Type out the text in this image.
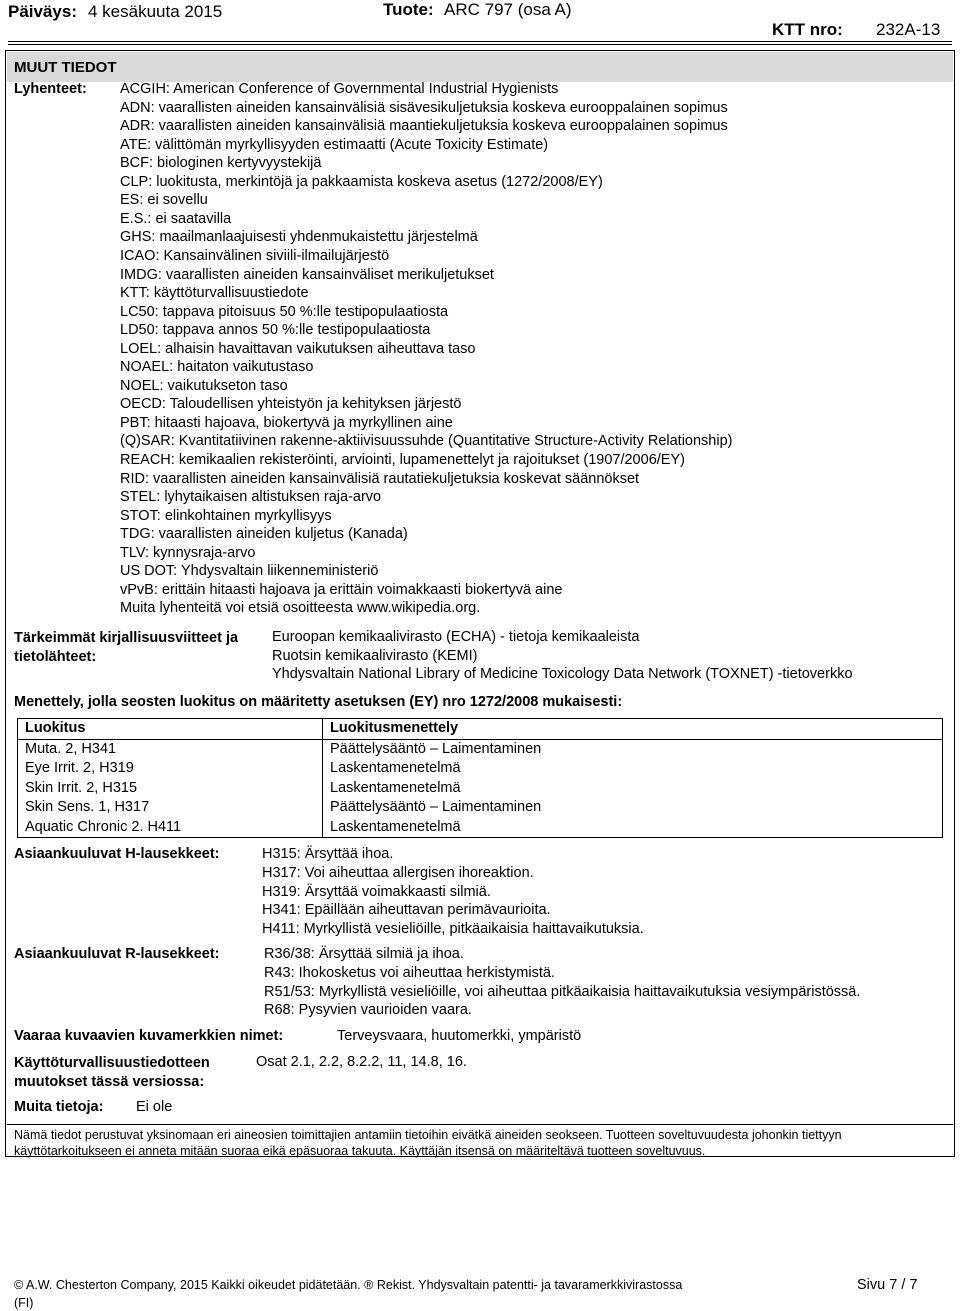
Päiväys: 4 kesäkuuta 2015	Tuote: ARC 797 (osa A)
KTT nro: 232A-13
MUUT TIEDOT
Lyhenteet: ACGIH: American Conference of Governmental Industrial Hygienists
ADN: vaarallisten aineiden kansainvälisiä sisävesikuljetuksia koskeva eurooppalainen sopimus
ADR: vaarallisten aineiden kansainvälisiä maantiekuljetuksia koskeva eurooppalainen sopimus
ATE: välittömän myrkyllisyyden estimaatti (Acute Toxicity Estimate)
BCF: biologinen kertyvyystekijä
CLP: luokitusta, merkintöjä ja pakkaamista koskeva asetus (1272/2008/EY)
ES: ei sovellu
E.S.: ei saatavilla
GHS: maailmanlaajuisesti yhdenmukaistettu järjestelmä
ICAO: Kansainvälinen siviili-ilmailujärjestö
IMDG: vaarallisten aineiden kansainväliset merikuljetukset
KTT: käyttöturvallisuustiedote
LC50: tappava pitoisuus 50 %:lle testipopulaatiosta
LD50: tappava annos 50 %:lle testipopulaatiosta
LOEL: alhaisin havaittavan vaikutuksen aiheuttava taso
NOAEL: haitaton vaikutustaso
NOEL: vaikutukseton taso
OECD: Taloudellisen yhteistyön ja kehityksen järjestö
PBT: hitaasti hajoava, biokertyvä ja myrkyllinen aine
(Q)SAR: Kvantitatiivinen rakenne-aktiivisuussuhde (Quantitative Structure-Activity Relationship)
REACH: kemikaalien rekisteröinti, arviointi, lupamenettelyt ja rajoitukset (1907/2006/EY)
RID: vaarallisten aineiden kansainvälisiä rautatiekuljetuksia koskevat säännökset
STEL: lyhytaikaisen altistuksen raja-arvo
STOT: elinkohtainen myrkyllisyys
TDG: vaarallisten aineiden kuljetus (Kanada)
TLV: kynnysraja-arvo
US DOT: Yhdysvaltain liikenneministeriö
vPvB: erittäin hitaasti hajoava ja erittäin voimakkaasti biokertyvä aine
Muita lyhenteitä voi etsiä osoitteesta www.wikipedia.org.
Tärkeimmät kirjallisuusviitteet ja tietolähteet:
Euroopan kemikaalivirasto (ECHA) - tietoja kemikaaleista
Ruotsin kemikaalivirasto (KEMI)
Yhdysvaltain National Library of Medicine Toxicology Data Network (TOXNET) -tietoverkko
Menettely, jolla seosten luokitus on määritetty asetuksen (EY) nro 1272/2008 mukaisesti:
Luokitus	Luokitusmenettely
Muta. 2, H341	Päättelysääntö – Laimentaminen
Eye Irrit. 2, H319	Laskentamenetelmä
Skin Irrit. 2, H315	Laskentamenetelmä
Skin Sens. 1, H317	Päättelysääntö – Laimentaminen
Aquatic Chronic 2. H411	Laskentamenetelmä
Asiaankuuluvat H-lausekkeet:	H315: Ärsyttää ihoa.
H317: Voi aiheuttaa allergisen ihoreaktion.
H319: Ärsyttää voimakkaasti silmiä.
H341: Epäillään aiheuttavan perimävaurioita.
H411: Myrkyllistä vesieliöille, pitkäaikaisia haittavaikutuksia.
Asiaankuuluvat R-lausekkeet:	R36/38: Ärsyttää silmiä ja ihoa.
R43: Ihokosketus voi aiheuttaa herkistymistä.
R51/53: Myrkyllistä vesieliöille, voi aiheuttaa pitkäaikaisia haittavaikutuksia vesiympäristössä.
R68: Pysyvien vaurioiden vaara.
Vaaraa kuvaavien kuvamerkkien nimet:	Terveysvaara, huutomerkki, ympäristö
Käyttöturvallisuustiedotteen muutokset tässä versiossa:
Osat 2.1, 2.2, 8.2.2, 11, 14.8, 16.
Muita tietoja: Ei ole
Nämä tiedot perustuvat yksinomaan eri aineosien toimittajien antamiin tietoihin eivätkä aineiden seokseen. Tuotteen soveltuvuudesta johonkin tiettyyn käyttötarkoitukseen ei anneta mitään suoraa eikä epäsuoraa takuuta. Käyttäjän itsensä on määriteltävä tuotteen soveltuvuus.
© A.W. Chesterton Company, 2015 Kaikki oikeudet pidätetään. ® Rekist. Yhdysvaltain patentti- ja tavaramerkkivirastossa
(FI)
Sivu 7 / 7
